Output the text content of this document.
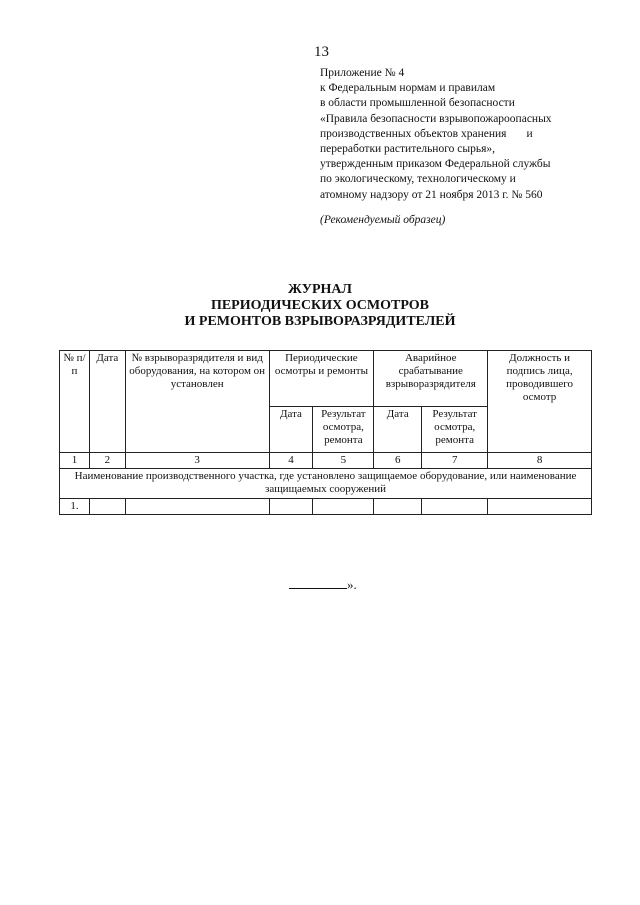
13
Приложение № 4
к Федеральным нормам и правилам
в области промышленной безопасности
«Правила безопасности взрывопожароопасных
производственных объектов хранения       и
переработки растительного сырья»,
утвержденным приказом Федеральной службы
по экологическому, технологическому и
атомному надзору от 21 ноября 2013 г. № 560
(Рекомендуемый образец)
ЖУРНАЛ
ПЕРИОДИЧЕСКИХ ОСМОТРОВ
И РЕМОНТОВ ВЗРЫВОРАЗРЯДИТЕЛЕЙ
№ п/п	Дата	№ взрыворазрядителя и вид оборудования, на котором он установлен	Периодические осмотры и ремонты		Аварийное срабатывание взрыворазрядителя		Должность и подпись лица, проводившего осмотр
			Дата	Результат осмотра, ремонта	Дата	Результат осмотра, ремонта	
1	2	3	4	5	6	7	8
Наименование производственного участка, где установлено защищаемое оборудование, или наименование защищаемых сооружений							
1.							
».
